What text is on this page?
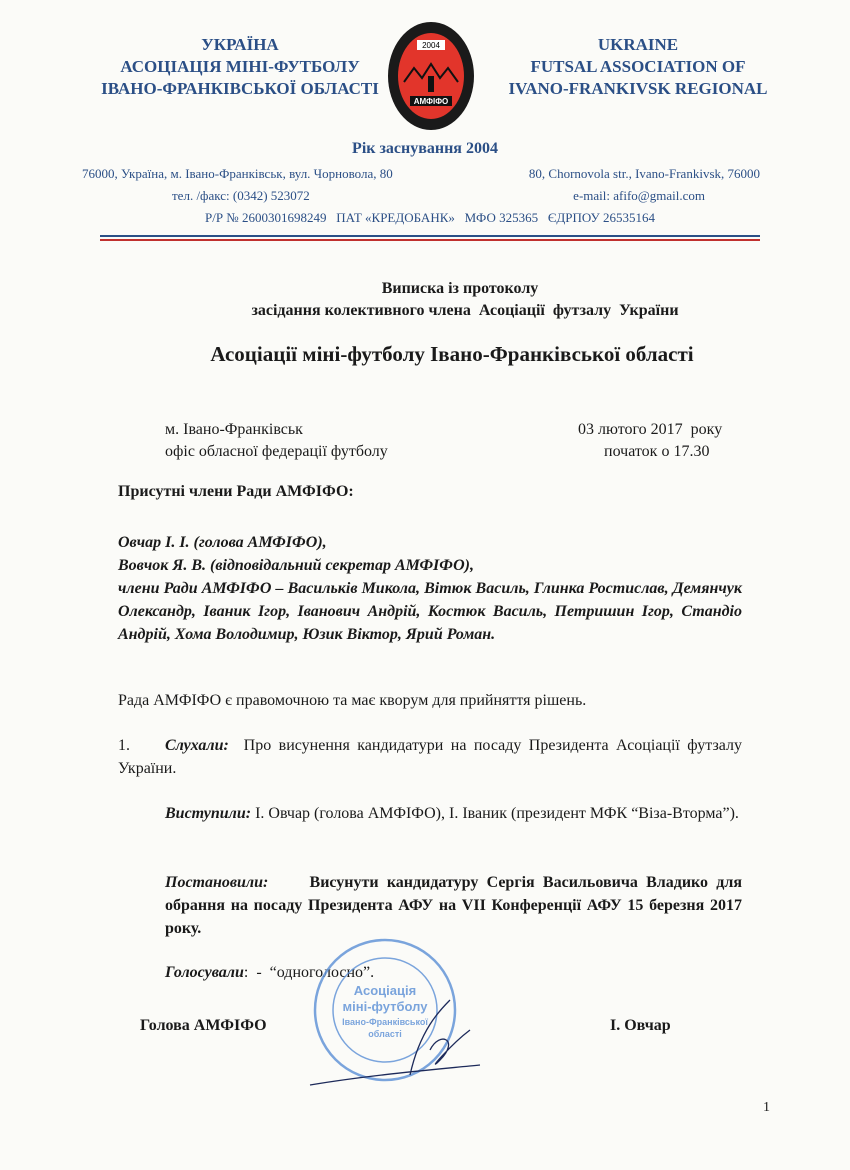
УКРАЇНА
АСОЦІАЦІЯ МІНІ-ФУТБОЛУ
ІВАНО-ФРАНКІВСЬКОЇ ОБЛАСТІ
UKRAINE
FUTSAL ASSOCIATION OF
IVANO-FRANKIVSK REGIONAL
2004
АМФІФО
Рік заснування 2004
76000, Україна, м. Івано-Франківськ, вул. Чорновола, 80	80, Chornovola str., Ivano-Frankivsk, 76000
тел. /факс: (0342) 523072	e-mail: afifo@gmail.com
Р/Р № 2600301698249   ПАТ «КРЕДОБАНК»   МФО 325365   ЄДРПОУ 26535164
Виписка із протоколу
засідання колективного члена  Асоціації  футзалу  України
Асоціації міні-футболу Івано-Франківської області
м. Івано-Франківськ	03 лютого 2017  року
офіс обласної федерації футболу	початок о 17.30
Присутні члени Ради АМФІФО:
Овчар І. І. (голова АМФІФО),
Вовчок Я. В. (відповідальний секретар АМФІФО),
члени Ради АМФІФО – Васильків Микола, Вітюк Василь, Глинка Ростислав, Демянчук Олександр, Іваник Ігор, Іванович Андрій, Костюк Василь, Петришин Ігор, Стандіо Андрій, Хома Володимир, Юзик Віктор, Ярий Роман.
Рада АМФІФО є правомочною та має кворум для прийняття рішень.
1. Слухали: Про висунення кандидатури на посаду Президента Асоціації футзалу України.
Виступили: І. Овчар (голова АМФІФО), І. Іваник (президент МФК “Віза-Вторма”).
Постановили:	Висунути кандидатуру Сергія Васильовича Владико для обрання на посаду Президента АФУ на VII Конференції АФУ 15 березня 2017 року.
Голосували:  -  “одноголосно”.
Асоціація
міні-футболу
Івано-Франківської
області
Голова АМФІФО	І. Овчар
1
